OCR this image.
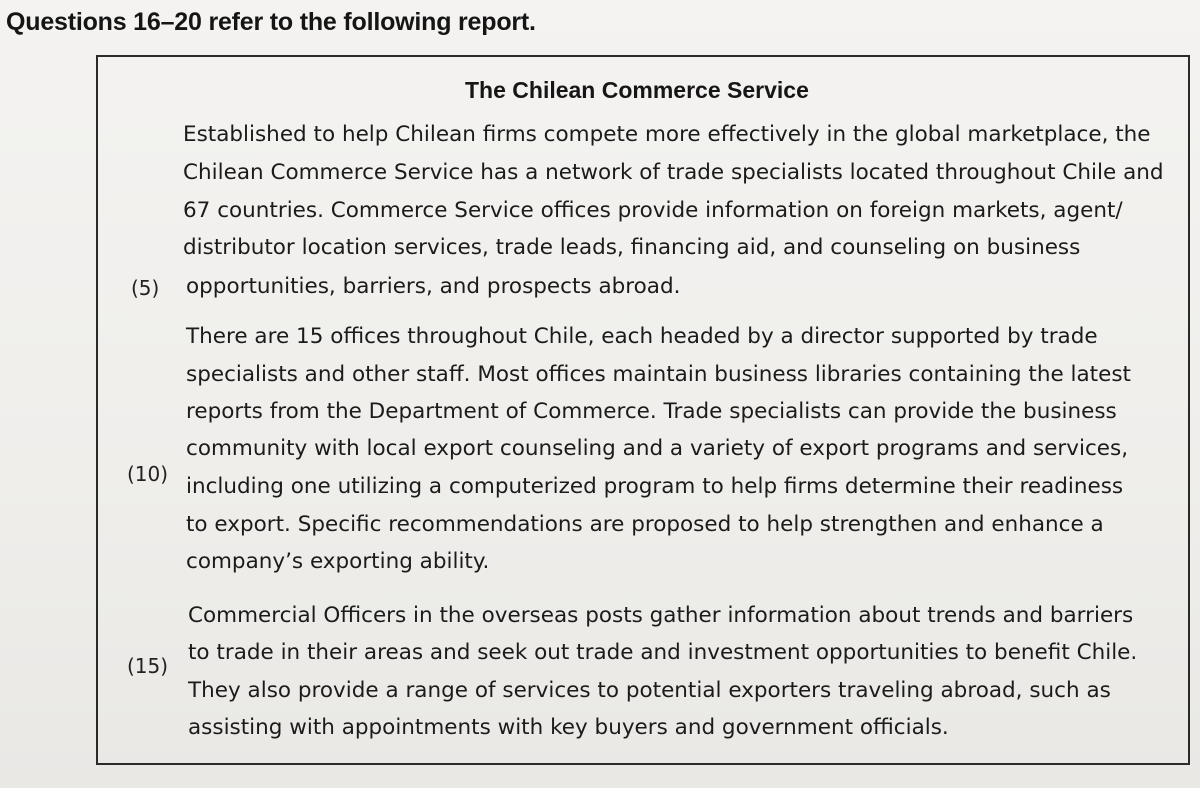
Questions 16–20 refer to the following report.
The Chilean Commerce Service
Established to help Chilean firms compete more effectively in the global marketplace, the
Chilean Commerce Service has a network of trade specialists located throughout Chile and
67 countries. Commerce Service offices provide information on foreign markets, agent/
distributor location services, trade leads, financing aid, and counseling on business
opportunities, barriers, and prospects abroad.
(5)
There are 15 offices throughout Chile, each headed by a director supported by trade
specialists and other staff. Most offices maintain business libraries containing the latest
reports from the Department of Commerce. Trade specialists can provide the business
community with local export counseling and a variety of export programs and services,
(10) including one utilizing a computerized program to help firms determine their readiness
to export. Specific recommendations are proposed to help strengthen and enhance a
company’s exporting ability.
Commercial Officers in the overseas posts gather information about trends and barriers
to trade in their areas and seek out trade and investment opportunities to benefit Chile.
(15)
They also provide a range of services to potential exporters traveling abroad, such as
assisting with appointments with key buyers and government officials.
